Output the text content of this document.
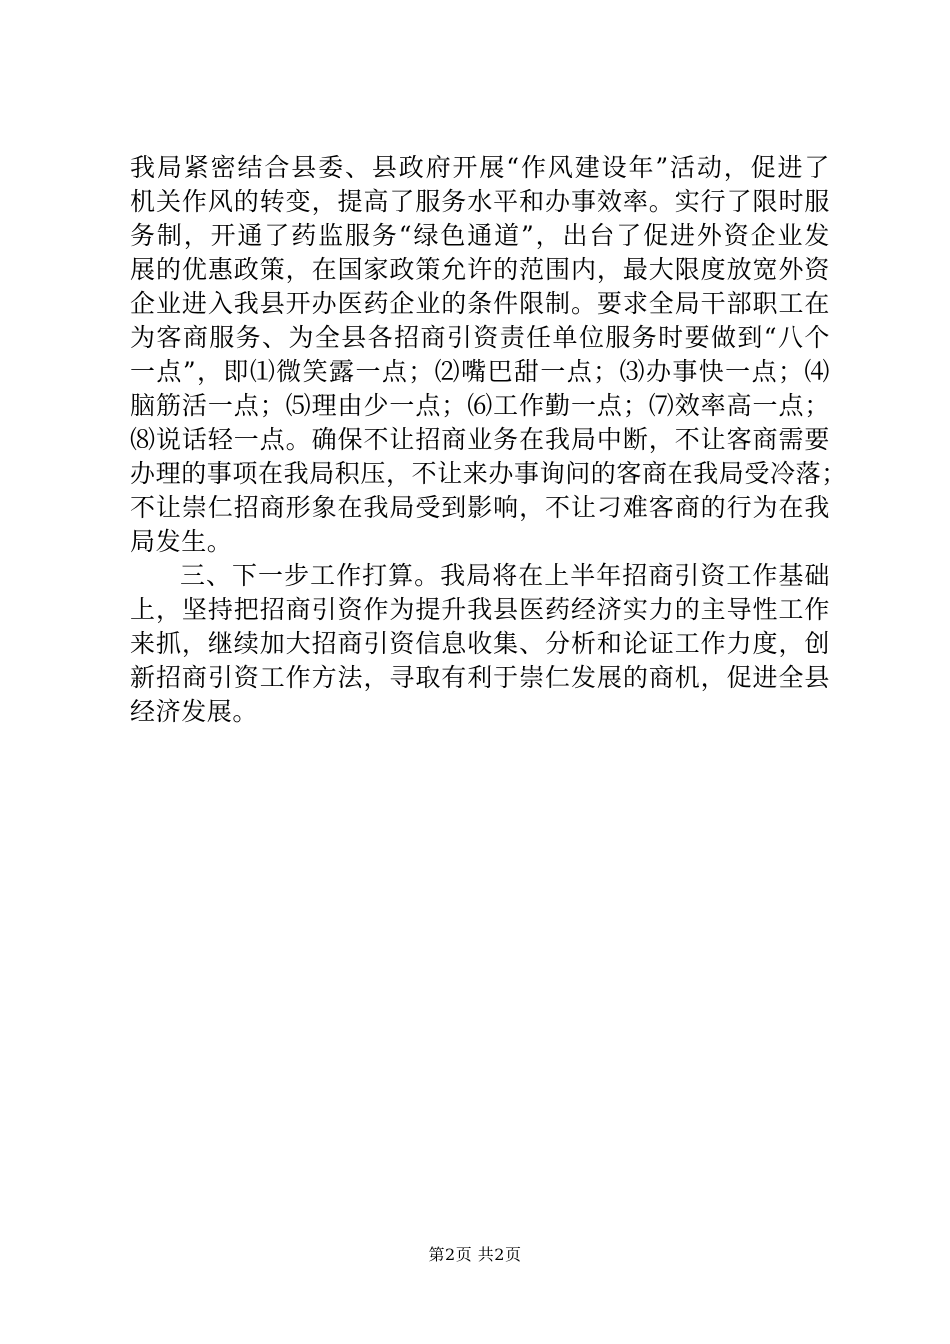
我局紧密结合县委、县政府开展“作风建设年”活动，促进了
机关作风的转变，提高了服务水平和办事效率。实行了限时服
务制，开通了药监服务“绿色通道”，出台了促进外资企业发
展的优惠政策，在国家政策允许的范围内，最大限度放宽外资
企业进入我县开办医药企业的条件限制。要求全局干部职工在
为客商服务、为全县各招商引资责任单位服务时要做到“八个
一点”，即⑴微笑露一点；⑵嘴巴甜一点；⑶办事快一点；⑷
脑筋活一点；⑸理由少一点；⑹工作勤一点；⑺效率高一点；
⑻说话轻一点。确保不让招商业务在我局中断，不让客商需要
办理的事项在我局积压，不让来办事询问的客商在我局受冷落；
不让崇仁招商形象在我局受到影响，不让刁难客商的行为在我
局发生。
三、下一步工作打算。我局将在上半年招商引资工作基础
上，坚持把招商引资作为提升我县医药经济实力的主导性工作
来抓，继续加大招商引资信息收集、分析和论证工作力度，创
新招商引资工作方法，寻取有利于崇仁发展的商机，促进全县
经济发展。
第2页 共2页
